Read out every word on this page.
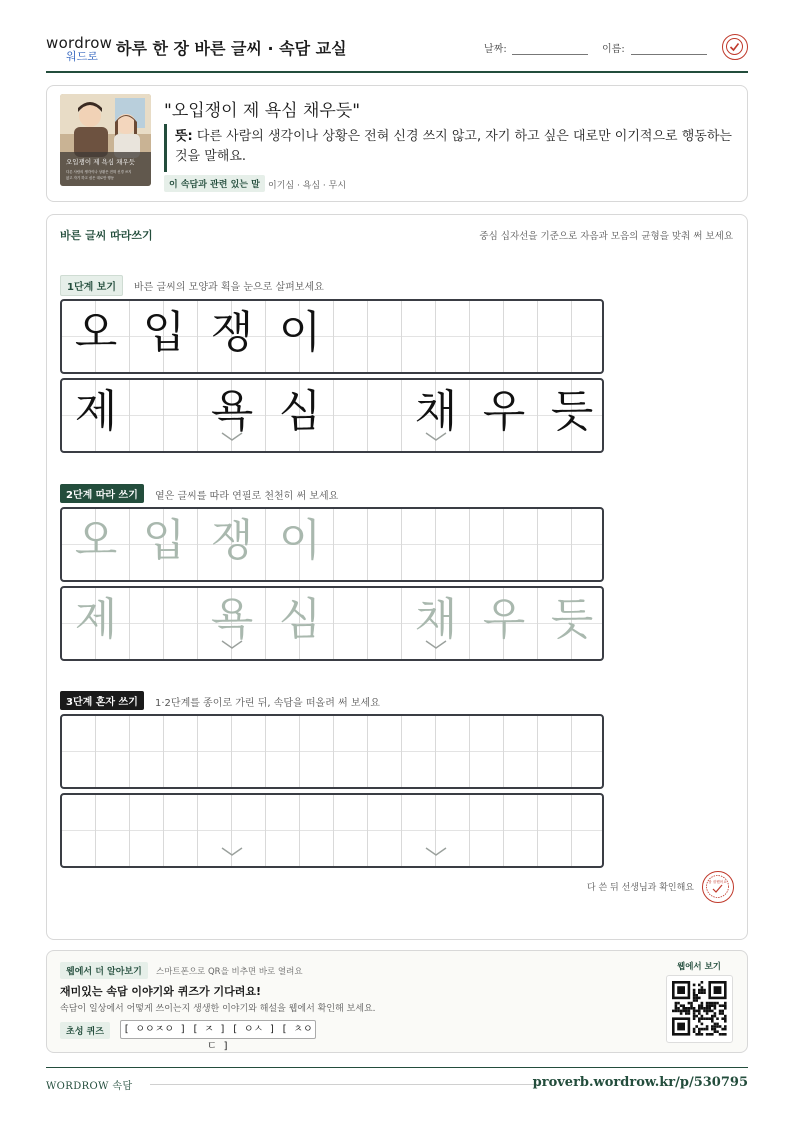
wordrow
워드로 하루 한 장 바른 글씨 · 속담 교실	날짜:	이름:
오입쟁이 제 욕심 채우듯
다른 사람의 생각이나 상황은 전혀 신경 쓰지
않고 자기 하고 싶은 대로만 행동
"오입쟁이 제 욕심 채우듯"
뜻: 다른 사람의 생각이나 상황은 전혀 신경 쓰지 않고, 자기 하고 싶은 대로만 이기적으로 행동하는 것을 말해요.
이 속담과 관련 있는 말 이기심 · 욕심 · 무시
바른 글씨 따라쓰기	중심 십자선을 기준으로 자음과 모음의 균형을 맞춰 써 보세요
1단계 보기	바른 글씨의 모양과 획을 눈으로 살펴보세요
오 입 쟁 이
제 욕 심 채 우 듯
2단계 따라 쓰기	옅은 글씨를 따라 연필로 천천히 써 보세요
오 입 쟁 이
제 욕 심 채 우 듯
3단계 혼자 쓰기	1·2단계를 종이로 가린 뒤, 속담을 떠올려 써 보세요
다 쓴 뒤 선생님과 확인해요
참 잘했어요
웹에서 더 알아보기	스마트폰으로 QR을 비추면 바로 열려요
재미있는 속담 이야기와 퀴즈가 기다려요!
속담이 일상에서 어떻게 쓰이는지 생생한 이야기와 해설을 웹에서 확인해 보세요.
초성 퀴즈	[ ㅇㅇㅈㅇ ] [ ㅈ ] [ ㅇㅅ ] [ ㅊㅇㄷ ]
웹에서 보기
WORDROW 속담	proverb.wordrow.kr/p/530795
